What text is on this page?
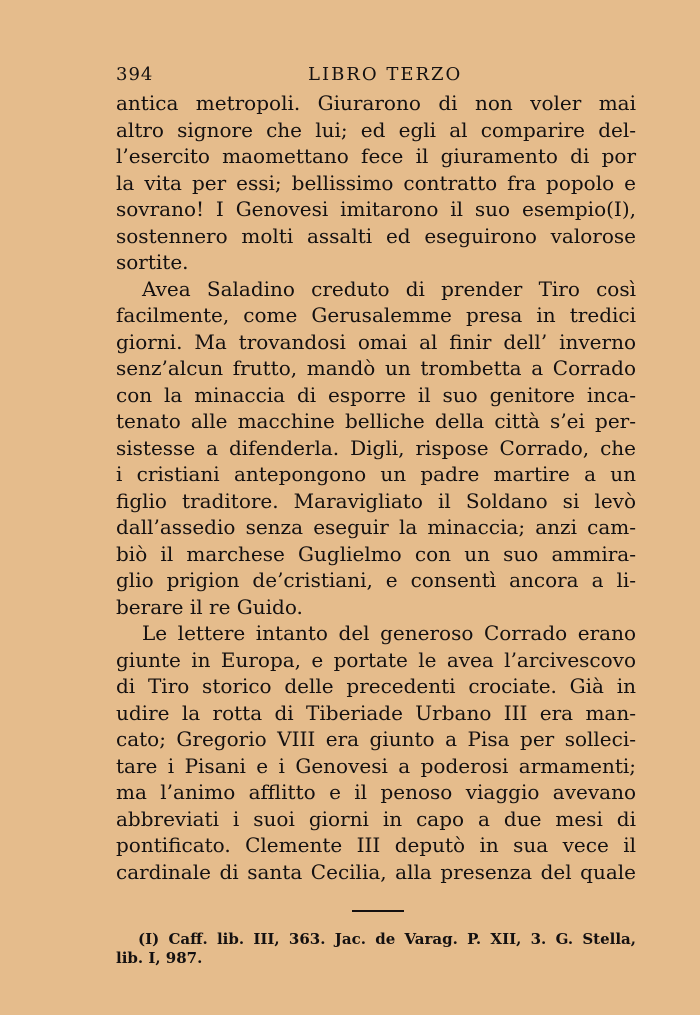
394	LIBRO TERZO
antica metropoli. Giurarono di non voler mai
altro signore che lui; ed egli al comparire del-
l’esercito maomettano fece il giuramento di por
la vita per essi; bellissimo contratto fra popolo e
sovrano! I Genovesi imitarono il suo esempio(I),
sostennero molti assalti ed eseguirono valorose
sortite.
Avea Saladino creduto di prender Tiro così
facilmente, come Gerusalemme presa in tredici
giorni. Ma trovandosi omai al finir dell’ inverno
senz’alcun frutto, mandò un trombetta a Corrado
con la minaccia di esporre il suo genitore inca-
tenato alle macchine belliche della città s’ei per-
sistesse a difenderla. Digli, rispose Corrado, che
i cristiani antepongono un padre martire a un
figlio traditore. Maravigliato il Soldano si levò
dall’assedio senza eseguir la minaccia; anzi cam-
biò il marchese Guglielmo con un suo ammira-
glio prigion de’cristiani, e consentì ancora a li-
berare il re Guido.
Le lettere intanto del generoso Corrado erano
giunte in Europa, e portate le avea l’arcivescovo
di Tiro storico delle precedenti crociate. Già in
udire la rotta di Tiberiade Urbano III era man-
cato; Gregorio VIII era giunto a Pisa per solleci-
tare i Pisani e i Genovesi a poderosi armamenti;
ma l’animo afflitto e il penoso viaggio avevano
abbreviati i suoi giorni in capo a due mesi di
pontificato. Clemente III deputò in sua vece il
cardinale di santa Cecilia, alla presenza del quale
(I) Caff. lib. III, 363. Jac. de Varag. P. XII, 3. G. Stella,
lib. I, 987.
